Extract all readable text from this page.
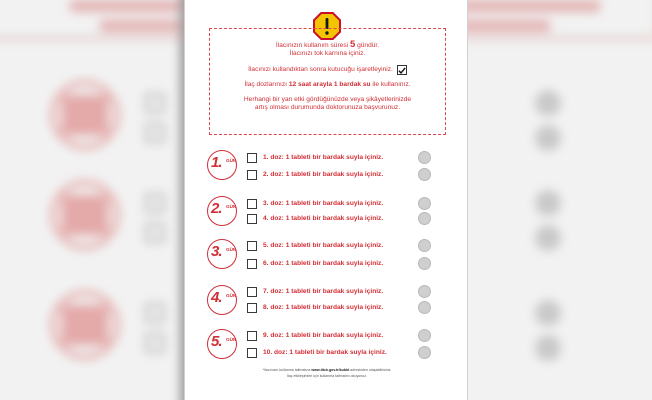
İlacınızın kullanım süresi 5 gündür.
İlacınızı tok karnına içiniz.
İlacınızı kullandıktan sonra kutucuğu işaretleyiniz.
İlaç dozlarınızı 12 saat arayla 1 bardak su ile kullanınız.
Herhangi bir yan etki gördüğünüzde veya şikâyetlerinizde
artış olması durumunda doktorunuza başvurunuz.
1. GÜN	1. doz: 1 tableti bir bardak suyla içiniz.
2. doz: 1 tableti bir bardak suyla içiniz.
2. GÜN	3. doz: 1 tableti bir bardak suyla içiniz.
4. doz: 1 tableti bir bardak suyla içiniz.
3. GÜN
5. doz: 1 tableti bir bardak suyla içiniz.
6. doz: 1 tableti bir bardak suyla içiniz.
4. GÜN
7. doz: 1 tableti bir bardak suyla içiniz.
8. doz: 1 tableti bir bardak suyla içiniz.
5. GÜN
9. doz: 1 tableti bir bardak suyla içiniz.
10. doz: 1 tableti bir bardak suyla içiniz.
*İlacınızın kullanma talimatına www.titck.gov.tr/kubkt adresinden ulaşabilirsiniz.
İlaç etkileşimleri için kullanma talimatını okuyunuz.
